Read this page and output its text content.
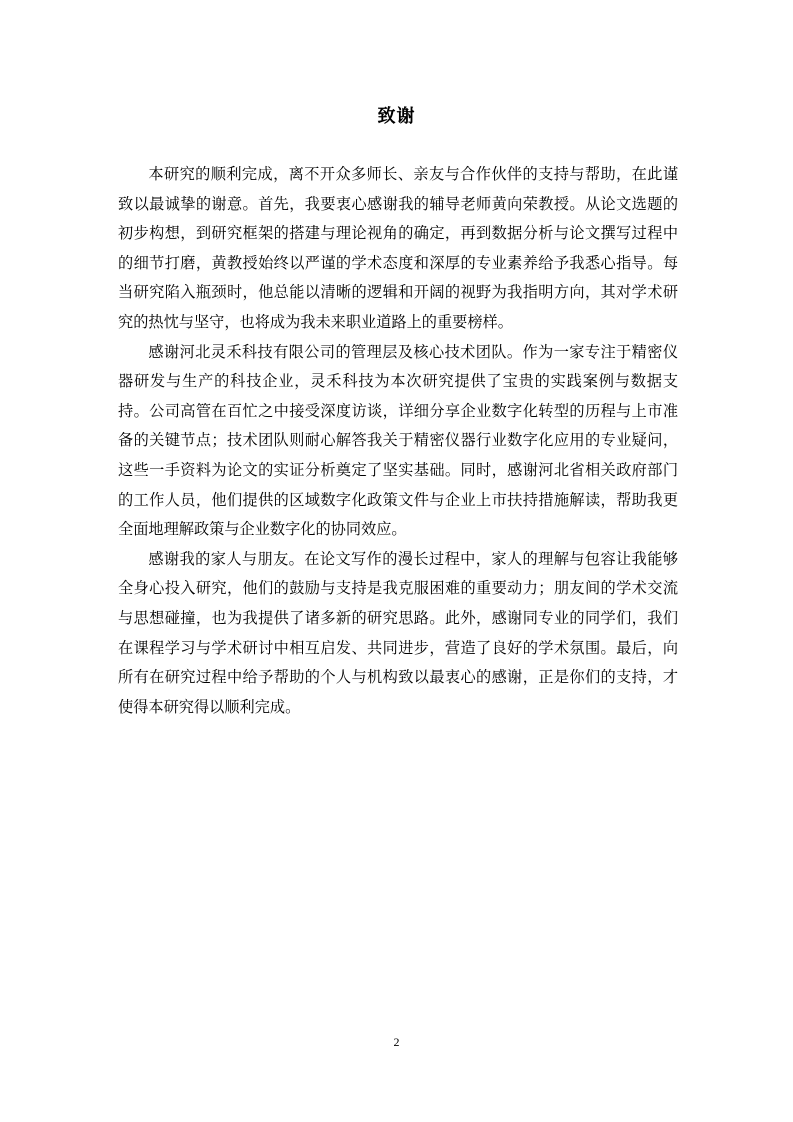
致谢

本研究的顺利完成，离不开众多师长、亲友与合作伙伴的支持与帮助，在此谨致以最诚挚的谢意。首先，我要衷心感谢我的辅导老师黄向荣教授。从论文选题的初步构想，到研究框架的搭建与理论视角的确定，再到数据分析与论文撰写过程中的细节打磨，黄教授始终以严谨的学术态度和深厚的专业素养给予我悉心指导。每当研究陷入瓶颈时，他总能以清晰的逻辑和开阔的视野为我指明方向，其对学术研究的热忱与坚守，也将成为我未来职业道路上的重要榜样。

感谢河北灵禾科技有限公司的管理层及核心技术团队。作为一家专注于精密仪器研发与生产的科技企业，灵禾科技为本次研究提供了宝贵的实践案例与数据支持。公司高管在百忙之中接受深度访谈，详细分享企业数字化转型的历程与上市准备的关键节点；技术团队则耐心解答我关于精密仪器行业数字化应用的专业疑问，这些一手资料为论文的实证分析奠定了坚实基础。同时，感谢河北省相关政府部门的工作人员，他们提供的区域数字化政策文件与企业上市扶持措施解读，帮助我更全面地理解政策与企业数字化的协同效应。

感谢我的家人与朋友。在论文写作的漫长过程中，家人的理解与包容让我能够全身心投入研究，他们的鼓励与支持是我克服困难的重要动力；朋友间的学术交流与思想碰撞，也为我提供了诸多新的研究思路。此外，感谢同专业的同学们，我们在课程学习与学术研讨中相互启发、共同进步，营造了良好的学术氛围。最后，向所有在研究过程中给予帮助的个人与机构致以最衷心的感谢，正是你们的支持，才使得本研究得以顺利完成。

2
